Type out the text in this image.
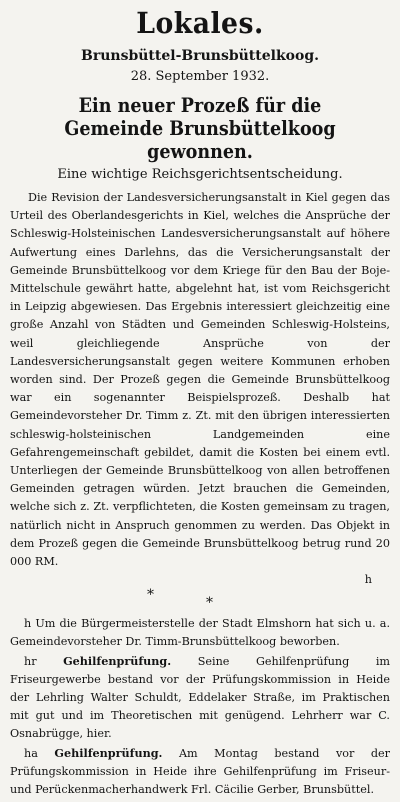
Lokales.
Brunsbüttel-Brunsbüttelkoog.
28. September 1932.
Ein neuer Prozeß für die
Gemeinde Brunsbüttelkoog gewonnen.
Eine wichtige Reichsgerichtsentscheidung.

Die Revision der Landesversicherungsanstalt in Kiel gegen das Urteil des Oberlandesgerichts in Kiel, welches die Ansprüche der Schleswig-Holsteinischen Landesversicherungsanstalt auf höhere Aufwertung eines Darlehns, das die Versicherungsanstalt der Gemeinde Brunsbüttelkoog vor dem Kriege für den Bau der Boje-Mittelschule gewährt hatte, abgelehnt hat, ist vom Reichsgericht in Leipzig abgewiesen. Das Ergebnis interessiert gleichzeitig eine große Anzahl von Städten und Gemeinden Schleswig-Holsteins, weil gleichliegende Ansprüche von der Landesversicherungsanstalt gegen weitere Kommunen erhoben worden sind. Der Prozeß gegen die Gemeinde Brunsbüttelkoog war ein sogenannter Beispielsprozeß. Deshalb hat Gemeindevorsteher Dr. Timm z. Zt. mit den übrigen interessierten schleswig-holsteinischen Landgemeinden eine Gefahrengemeinschaft gebildet, damit die Kosten bei einem evtl. Unterliegen der Gemeinde Brunsbüttelkoog von allen betroffenen Gemeinden getragen würden. Jetzt brauchen die Gemeinden, welche sich z. Zt. verpflichteten, die Kosten gemeinsam zu tragen, natürlich nicht in Anspruch genommen zu werden. Das Objekt in dem Prozeß gegen die Gemeinde Brunsbüttelkoog betrug rund 20 000 RM.

h
*	*

h Um die Bürgermeisterstelle der Stadt Elmshorn hat sich u. a. Gemeindevorsteher Dr. Timm-Brunsbüttelkoog beworben.

hr Gehilfenprüfung. Seine Gehilfenprüfung im Friseurgewerbe bestand vor der Prüfungskommission in Heide der Lehrling Walter Schuldt, Eddelaker Straße, im Praktischen mit gut und im Theoretischen mit genügend. Lehrherr war C. Osnabrügge, hier.

ha Gehilfenprüfung. Am Montag bestand vor der Prüfungskommission in Heide ihre Gehilfenprüfung im Friseur- und Perückenmacherhandwerk Frl. Cäcilie Gerber, Brunsbüttel.
